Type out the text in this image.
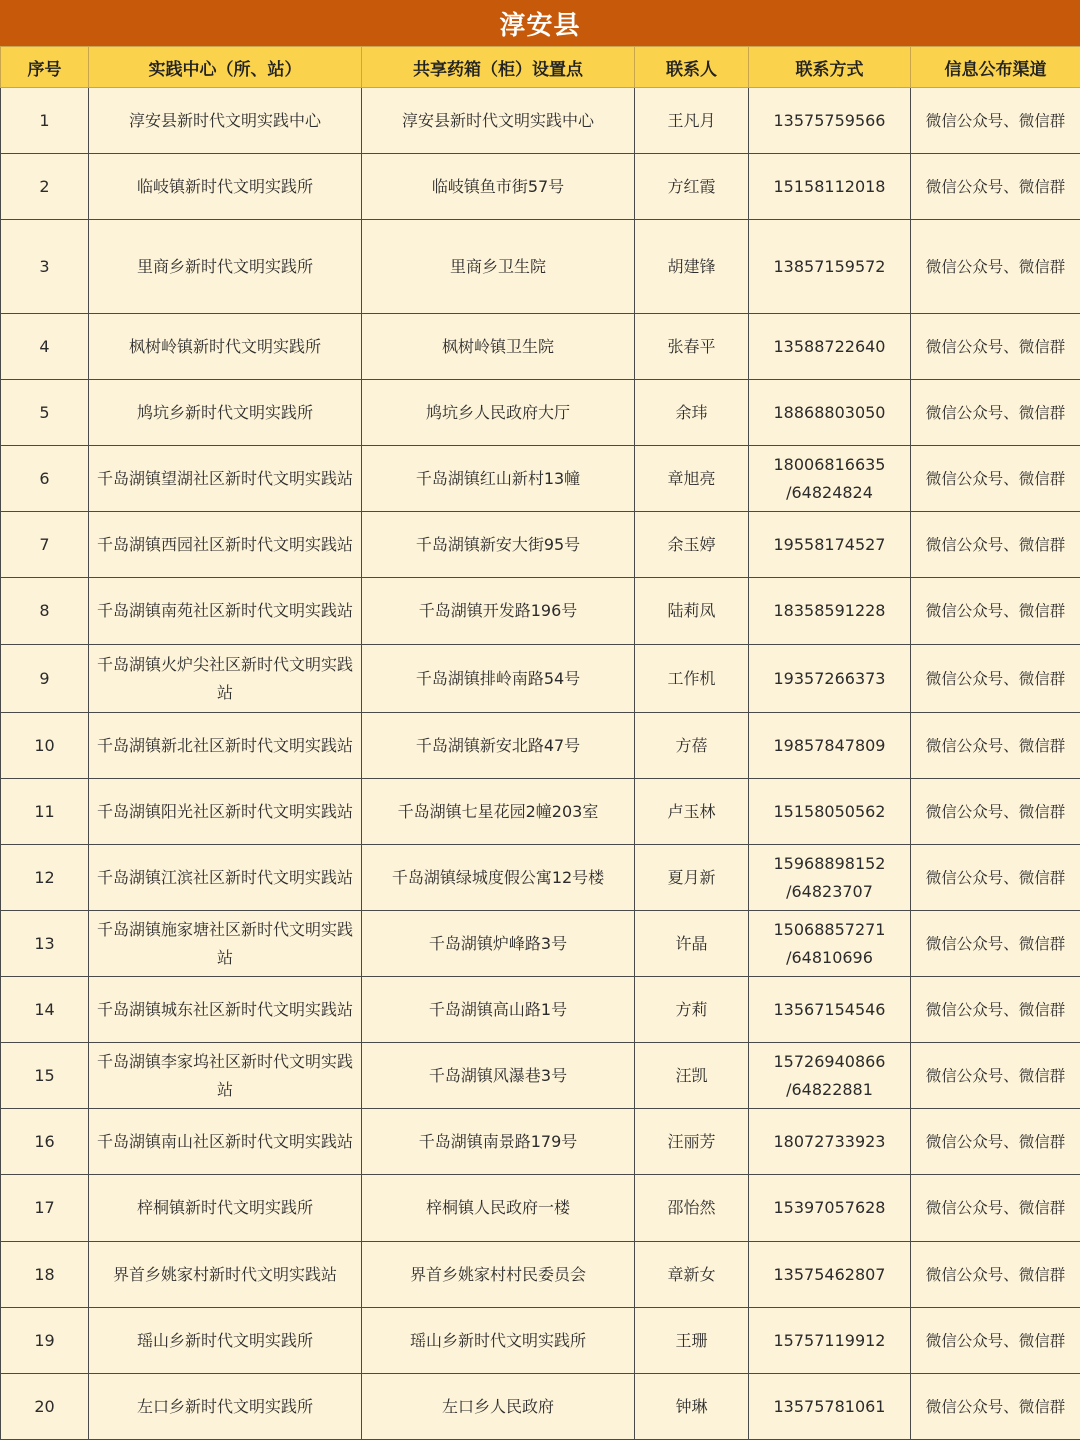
淳安县
序号	实践中心（所、站）	共享药箱（柜）设置点	联系人	联系方式	信息公布渠道
1	淳安县新时代文明实践中心	淳安县新时代文明实践中心	王凡月	13575759566	微信公众号、微信群
2	临岐镇新时代文明实践所	临岐镇鱼市街57号	方红霞	15158112018	微信公众号、微信群
3	里商乡新时代文明实践所	里商乡卫生院	胡建锋	13857159572	微信公众号、微信群
4	枫树岭镇新时代文明实践所	枫树岭镇卫生院	张春平	13588722640	微信公众号、微信群
5	鸠坑乡新时代文明实践所	鸠坑乡人民政府大厅	余玮	18868803050	微信公众号、微信群
6	千岛湖镇望湖社区新时代文明实践站	千岛湖镇红山新村13幢	章旭亮	18006816635 /64824824	微信公众号、微信群
7	千岛湖镇西园社区新时代文明实践站	千岛湖镇新安大街95号	余玉婷	19558174527	微信公众号、微信群
8	千岛湖镇南苑社区新时代文明实践站	千岛湖镇开发路196号	陆莉凤	18358591228	微信公众号、微信群
9	千岛湖镇火炉尖社区新时代文明实践站	千岛湖镇排岭南路54号	工作机	19357266373	微信公众号、微信群
10	千岛湖镇新北社区新时代文明实践站	千岛湖镇新安北路47号	方蓓	19857847809	微信公众号、微信群
11	千岛湖镇阳光社区新时代文明实践站	千岛湖镇七星花园2幢203室	卢玉林	15158050562	微信公众号、微信群
12	千岛湖镇江滨社区新时代文明实践站	千岛湖镇绿城度假公寓12号楼	夏月新	15968898152 /64823707	微信公众号、微信群
13	千岛湖镇施家塘社区新时代文明实践站	千岛湖镇炉峰路3号	许晶	15068857271 /64810696	微信公众号、微信群
14	千岛湖镇城东社区新时代文明实践站	千岛湖镇高山路1号	方莉	13567154546	微信公众号、微信群
15	千岛湖镇李家坞社区新时代文明实践站	千岛湖镇风瀑巷3号	汪凯	15726940866 /64822881	微信公众号、微信群
16	千岛湖镇南山社区新时代文明实践站	千岛湖镇南景路179号	汪丽芳	18072733923	微信公众号、微信群
17	梓桐镇新时代文明实践所	梓桐镇人民政府一楼	邵怡然	15397057628	微信公众号、微信群
18	界首乡姚家村新时代文明实践站	界首乡姚家村村民委员会	章新女	13575462807	微信公众号、微信群
19	瑶山乡新时代文明实践所	瑶山乡新时代文明实践所	王珊	15757119912	微信公众号、微信群
20	左口乡新时代文明实践所	左口乡人民政府	钟琳	13575781061	微信公众号、微信群
